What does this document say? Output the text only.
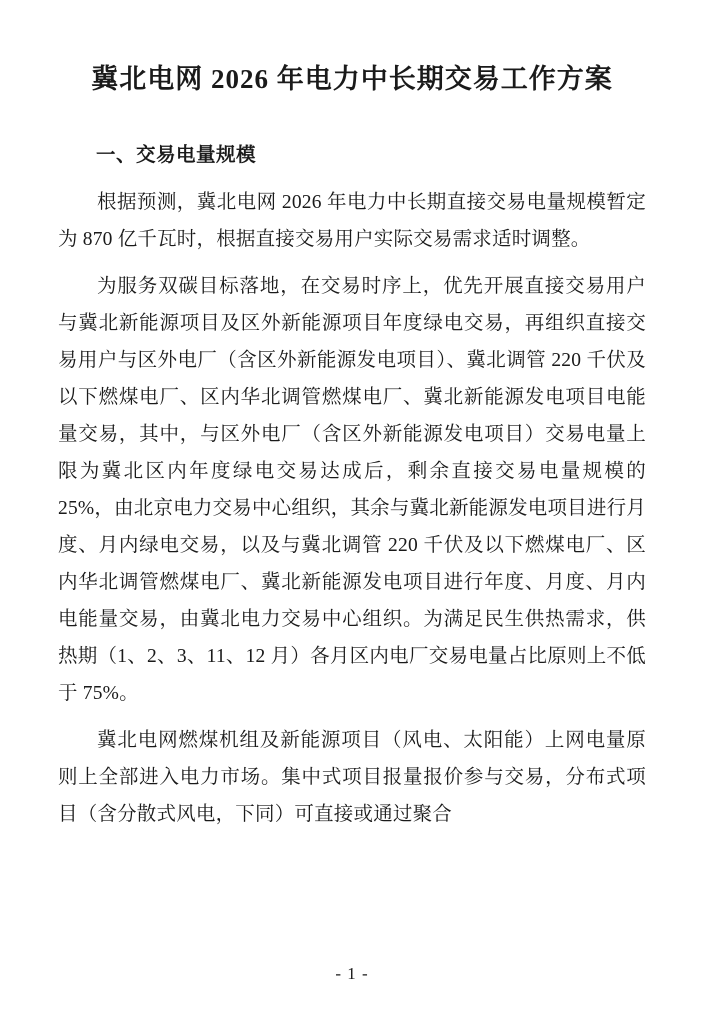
冀北电网 2026 年电力中长期交易工作方案
一、交易电量规模

根据预测，冀北电网 2026 年电力中长期直接交易电量规模暂定为 870 亿千瓦时，根据直接交易用户实际交易需求适时调整。

为服务双碳目标落地，在交易时序上，优先开展直接交易用户与冀北新能源项目及区外新能源项目年度绿电交易，再组织直接交易用户与区外电厂（含区外新能源发电项目）、冀北调管 220 千伏及以下燃煤电厂、区内华北调管燃煤电厂、冀北新能源发电项目电能量交易，其中，与区外电厂（含区外新能源发电项目）交易电量上限为冀北区内年度绿电交易达成后，剩余直接交易电量规模的 25%，由北京电力交易中心组织，其余与冀北新能源发电项目进行月度、月内绿电交易，以及与冀北调管 220 千伏及以下燃煤电厂、区内华北调管燃煤电厂、冀北新能源发电项目进行年度、月度、月内电能量交易，由冀北电力交易中心组织。为满足民生供热需求，供热期（1、2、3、11、12 月）各月区内电厂交易电量占比原则上不低于 75%。

冀北电网燃煤机组及新能源项目（风电、太阳能）上网电量原则上全部进入电力市场。集中式项目报量报价参与交易，分布式项目（含分散式风电，下同）可直接或通过聚合

- 1 -
